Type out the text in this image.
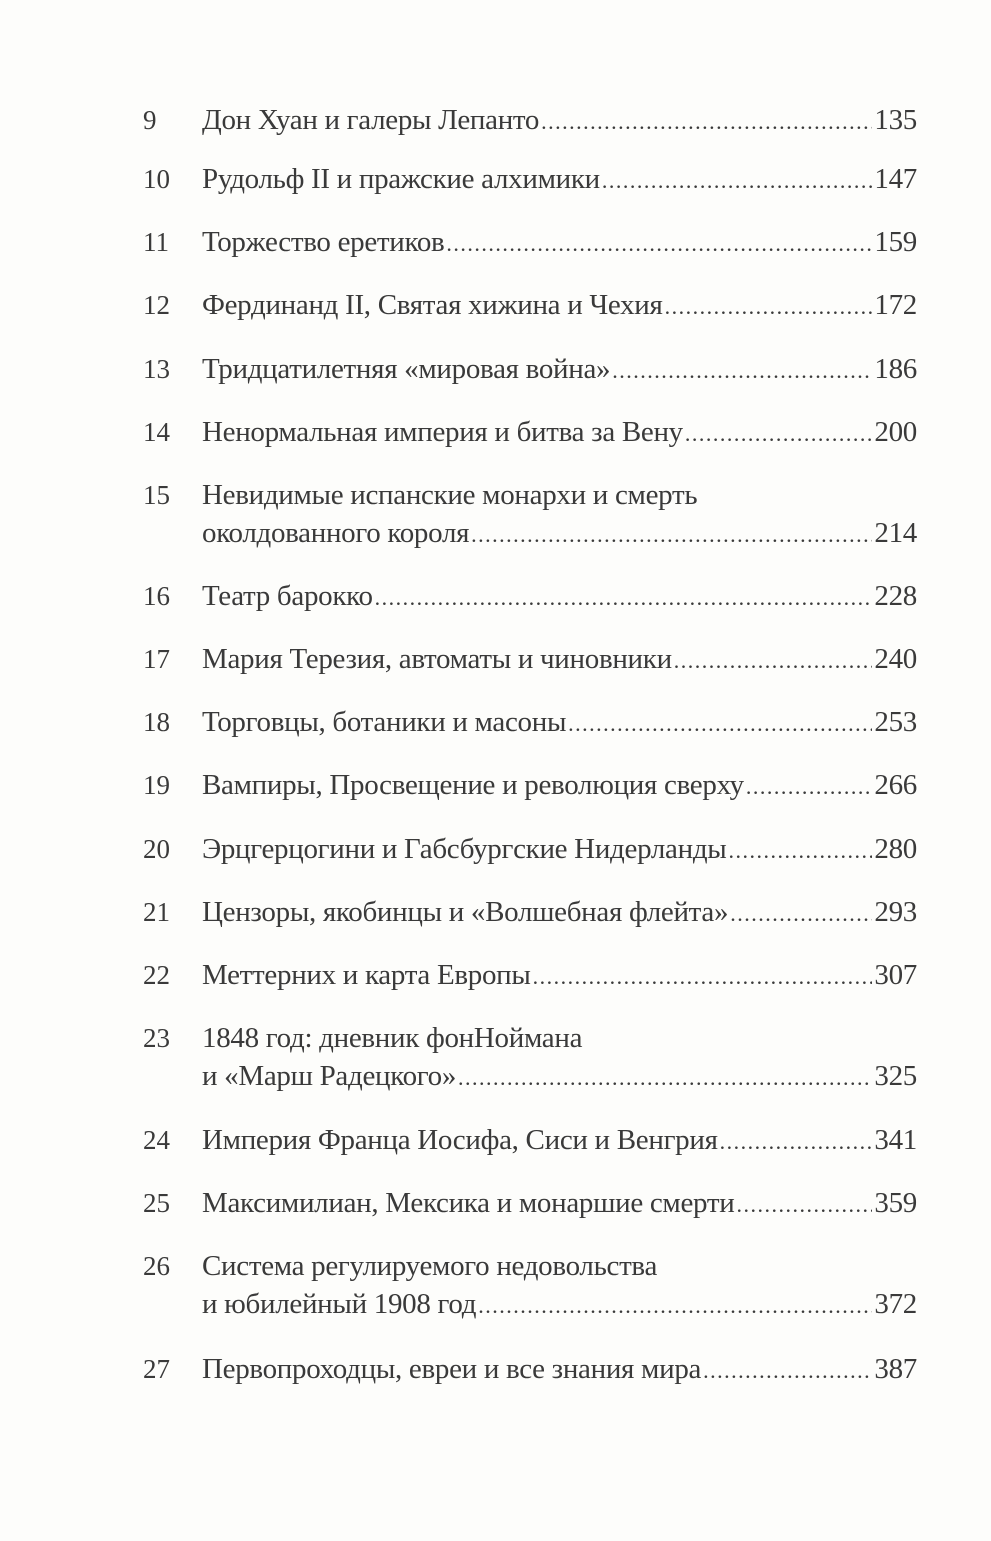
9	Дон Хуан и галеры Лепанто .....	135
10	Рудольф II и пражские алхимики .....	147
11	Торжество еретиков .....	159
12	Фердинанд II, Святая хижина и Чехия .....	172
13	Тридцатилетняя «мировая война» .....	186
14	Ненормальная империя и битва за Вену .....	200
15	Невидимые испанские монархи и смерть
околдованного короля .....	214
16	Театр барокко .....	228
17	Мария Терезия, автоматы и чиновники .....	240
18	Торговцы, ботаники и масоны .....	253
19	Вампиры, Просвещение и революция сверху .....	266
20	Эрцгерцогини и Габсбургские Нидерланды .....	280
21	Цензоры, якобинцы и «Волшебная флейта» .....	293
22	Меттерних и карта Европы .....	307
23	1848 год: дневник фонНоймана
и «Марш Радецкого» .....	325
24	Империя Франца Иосифа, Сиси и Венгрия .....	341
25	Максимилиан, Мексика и монаршие смерти .....	359
26	Система регулируемого недовольства
и юбилейный 1908 год .....	372
27	Первопроходцы, евреи и все знания мира .....	387
